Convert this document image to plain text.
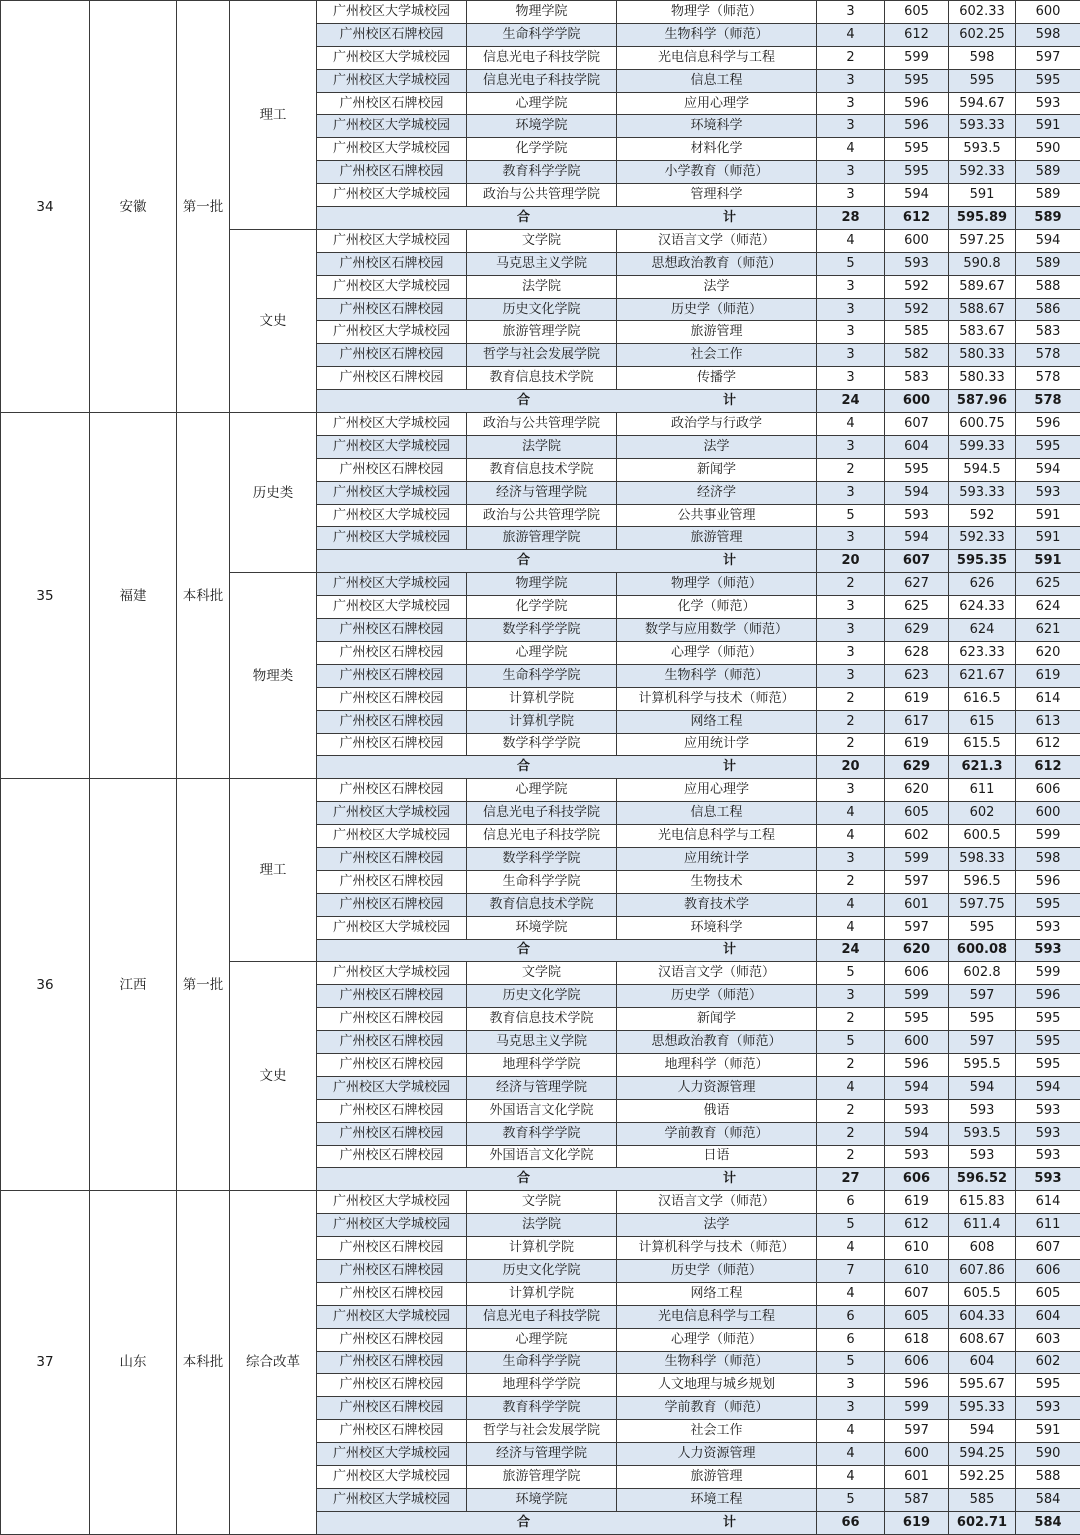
34	安徽	第一批	理工	广州校区大学城校园	物理学院	物理学（师范）	3	605	602.33	600
				广州校区石牌校园	生命科学学院	生物科学（师范）	4	612	602.25	598
				广州校区大学城校园	信息光电子科技学院	光电信息科学与工程	2	599	598	597
				广州校区大学城校园	信息光电子科技学院	信息工程	3	595	595	595
				广州校区石牌校园	心理学院	应用心理学	3	596	594.67	593
				广州校区大学城校园	环境学院	环境科学	3	596	593.33	591
				广州校区大学城校园	化学学院	材料化学	4	595	593.5	590
				广州校区石牌校园	教育科学学院	小学教育（师范）	3	595	592.33	589
				广州校区大学城校园	政治与公共管理学院	管理科学	3	594	591	589

				合 计			28	612	595.89	589
			文史	广州校区大学城校园	文学院	汉语言文学（师范）	4	600	597.25	594
				广州校区石牌校园	马克思主义学院	思想政治教育（师范）	5	593	590.8	589
				广州校区大学城校园	法学院	法学	3	592	589.67	588
				广州校区石牌校园	历史文化学院	历史学（师范）	3	592	588.67	586
				广州校区大学城校园	旅游管理学院	旅游管理	3	585	583.67	583
				广州校区石牌校园	哲学与社会发展学院	社会工作	3	582	580.33	578
				广州校区石牌校园	教育信息技术学院	传播学	3	583	580.33	578

				合 计			24	600	587.96	578
35	福建	本科批	历史类	广州校区大学城校园	政治与公共管理学院	政治学与行政学	4	607	600.75	596
				广州校区大学城校园	法学院	法学	3	604	599.33	595
				广州校区石牌校园	教育信息技术学院	新闻学	2	595	594.5	594
				广州校区大学城校园	经济与管理学院	经济学	3	594	593.33	593
				广州校区大学城校园	政治与公共管理学院	公共事业管理	5	593	592	591
				广州校区大学城校园	旅游管理学院	旅游管理	3	594	592.33	591

				合 计			20	607	595.35	591
			物理类	广州校区大学城校园	物理学院	物理学（师范）	2	627	626	625
				广州校区大学城校园	化学学院	化学（师范）	3	625	624.33	624
				广州校区石牌校园	数学科学学院	数学与应用数学（师范）	3	629	624	621
				广州校区石牌校园	心理学院	心理学（师范）	3	628	623.33	620
				广州校区石牌校园	生命科学学院	生物科学（师范）	3	623	621.67	619
				广州校区石牌校园	计算机学院	计算机科学与技术（师范）	2	619	616.5	614
				广州校区石牌校园	计算机学院	网络工程	2	617	615	613
				广州校区石牌校园	数学科学学院	应用统计学	2	619	615.5	612

				合 计			20	629	621.3	612
36	江西	第一批	理工	广州校区石牌校园	心理学院	应用心理学	3	620	611	606
				广州校区大学城校园	信息光电子科技学院	信息工程	4	605	602	600
				广州校区大学城校园	信息光电子科技学院	光电信息科学与工程	4	602	600.5	599
				广州校区石牌校园	数学科学学院	应用统计学	3	599	598.33	598
				广州校区石牌校园	生命科学学院	生物技术	2	597	596.5	596
				广州校区石牌校园	教育信息技术学院	教育技术学	4	601	597.75	595
				广州校区大学城校园	环境学院	环境科学	4	597	595	593

				合 计			24	620	600.08	593
			文史	广州校区大学城校园	文学院	汉语言文学（师范）	5	606	602.8	599
				广州校区石牌校园	历史文化学院	历史学（师范）	3	599	597	596
				广州校区石牌校园	教育信息技术学院	新闻学	2	595	595	595
				广州校区石牌校园	马克思主义学院	思想政治教育（师范）	5	600	597	595
				广州校区石牌校园	地理科学学院	地理科学（师范）	2	596	595.5	595
				广州校区大学城校园	经济与管理学院	人力资源管理	4	594	594	594
				广州校区石牌校园	外国语言文化学院	俄语	2	593	593	593
				广州校区石牌校园	教育科学学院	学前教育（师范）	2	594	593.5	593
				广州校区石牌校园	外国语言文化学院	日语	2	593	593	593

				合 计			27	606	596.52	593
37	山东	本科批	综合改革	广州校区大学城校园	文学院	汉语言文学（师范）	6	619	615.83	614
				广州校区大学城校园	法学院	法学	5	612	611.4	611
				广州校区石牌校园	计算机学院	计算机科学与技术（师范）	4	610	608	607
				广州校区石牌校园	历史文化学院	历史学（师范）	7	610	607.86	606
				广州校区石牌校园	计算机学院	网络工程	4	607	605.5	605
				广州校区大学城校园	信息光电子科技学院	光电信息科学与工程	6	605	604.33	604
				广州校区石牌校园	心理学院	心理学（师范）	6	618	608.67	603
				广州校区石牌校园	生命科学学院	生物科学（师范）	5	606	604	602
				广州校区石牌校园	地理科学学院	人文地理与城乡规划	3	596	595.67	595
				广州校区石牌校园	教育科学学院	学前教育（师范）	3	599	595.33	593
				广州校区石牌校园	哲学与社会发展学院	社会工作	4	597	594	591
				广州校区大学城校园	经济与管理学院	人力资源管理	4	600	594.25	590
				广州校区大学城校园	旅游管理学院	旅游管理	4	601	592.25	588
				广州校区大学城校园	环境学院	环境工程	5	587	585	584

				合 计			66	619	602.71	584
